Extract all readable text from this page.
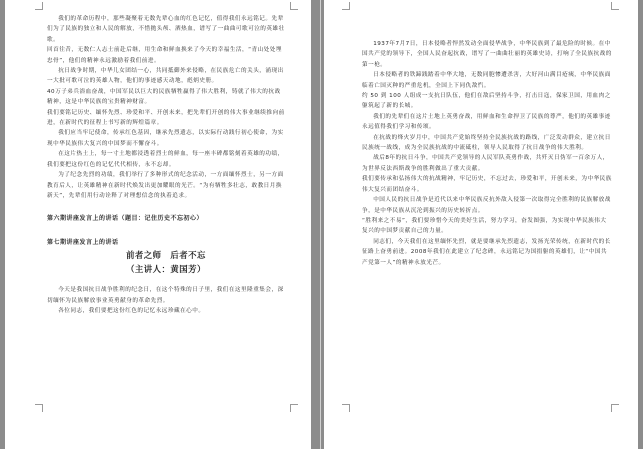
我们的革命历程中，那些凝聚着无数先辈心血的红色记忆，值得我们永远铭记。先辈们为了民族的独立和人民的解放，不惜抛头颅、洒热血，谱写了一曲曲可歌可泣的英雄壮歌。

回首往昔，无数仁人志士前赴后继，用生命和鲜血换来了今天的幸福生活，“青山处处埋忠骨”，他们的精神永远激励着我们前进。

抗日战争时期，中华儿女团结一心，共同抵御外来侵略，在民族危亡的关头，涌现出一大批可歌可泣的英雄人物，他们的事迹感天动地，彪炳史册。

40万子弟兵浴血奋战，中国军民以巨大的民族牺牲赢得了伟大胜利，铸就了伟大的抗战精神，这是中华民族的宝贵精神财富。

我们要铭记历史、缅怀先烈、珍爱和平、开创未来，把先辈们开创的伟大事业继续推向前进，在新时代的征程上书写新的辉煌篇章。

我们应当牢记使命，传承红色基因，继承先烈遗志，以实际行动践行初心使命，为实现中华民族伟大复兴的中国梦而不懈奋斗。

在这片热土上，每一寸土地都浸透着烈士的鲜血，每一座丰碑都铭刻着英雄的功绩，我们要把这份红色的记忆代代相传，永不忘却。

为了纪念先烈的功绩，我们举行了多种形式的纪念活动，一方面缅怀烈士，另一方面教育后人，让英雄精神在新时代焕发出更加耀眼的光芒。“为有牺牲多壮志，敢教日月换新天”，先辈们用行动诠释了对理想信念的执着追求。

第六期讲座发言上的讲话（题目：记住历史不忘初心）

第七期讲座发言上的讲话

前者之师　后者不忘

（主讲人：黄国芳）

今天是我国抗日战争胜利的纪念日，在这个特殊的日子里，我们在这里隆重集会，深切缅怀为民族解放事业英勇献身的革命先烈。

各位同志，我们要把这份红色的记忆永远珍藏在心中。

1937年7月7日，日本侵略者悍然发动全面侵华战争，中华民族到了最危险的时候。在中国共产党的领导下，全国人民奋起抗战，谱写了一曲曲壮丽的英雄史诗，打响了全民族抗战的第一枪。

日本侵略者的铁蹄践踏着中华大地，无数同胞惨遭杀害，大好河山满目疮痍，中华民族面临着亡国灭种的严重危机，全国上下同仇敌忾。

约 50 到 100 人组成一支抗日队伍，他们在敌后坚持斗争，打击日寇，保家卫国，用血肉之躯筑起了新的长城。

我们的先辈们在这片土地上英勇奋战，用鲜血和生命捍卫了民族的尊严，他们的英雄事迹永远值得我们学习和传颂。

在抗战的烽火岁月中，中国共产党始终坚持全民族抗战的路线，广泛发动群众，建立抗日民族统一战线，成为全民族抗战的中流砥柱，领导人民取得了抗日战争的伟大胜利。

战后8年的抗日斗争，中国共产党领导的人民军队英勇作战，共歼灭日伪军一百余万人，为世界反法西斯战争的胜利做出了重大贡献。

我们要传承和弘扬伟大的抗战精神，牢记历史，不忘过去，珍爱和平，开创未来，为中华民族伟大复兴而团结奋斗。

中国人民的抗日战争是近代以来中华民族反抗外敌入侵第一次取得完全胜利的民族解放战争，是中华民族从沉沦到振兴的历史转折点。

“胜利来之不易”，我们要珍惜今天的美好生活，努力学习，奋发图强，为实现中华民族伟大复兴的中国梦贡献自己的力量。

同志们，今天我们在这里缅怀先烈，就是要继承先烈遗志，发扬光荣传统，在新时代的长征路上奋勇前进。2008年我们在此建立了纪念碑，永远铭记为国捐躯的英雄们，让“中国共产党第一人”的精神永放光芒。
